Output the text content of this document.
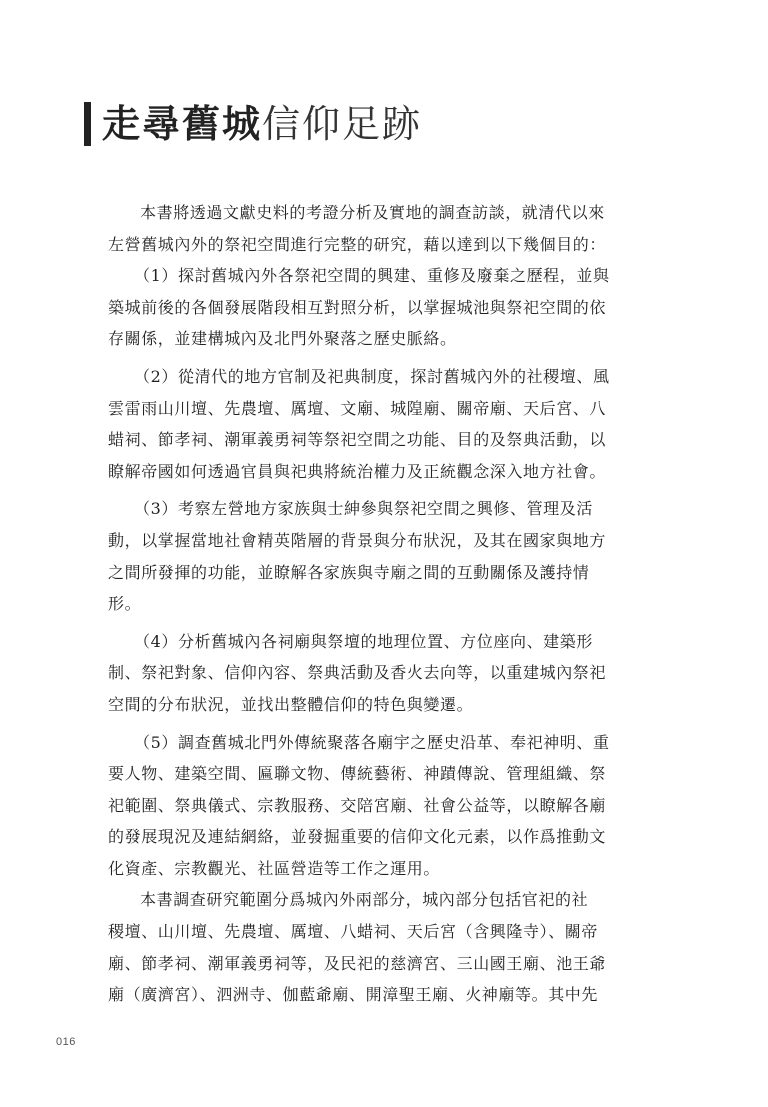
走尋舊城信仰足跡
本書將透過文獻史料的考證分析及實地的調查訪談，就清代以來
左營舊城內外的祭祀空間進行完整的研究，藉以達到以下幾個目的：
（1）探討舊城內外各祭祀空間的興建、重修及廢棄之歷程，並與
築城前後的各個發展階段相互對照分析，以掌握城池與祭祀空間的依
存關係，並建構城內及北門外聚落之歷史脈絡。
（2）從清代的地方官制及祀典制度，探討舊城內外的社稷壇、風
雲雷雨山川壇、先農壇、厲壇、文廟、城隍廟、關帝廟、天后宮、八
蜡祠、節孝祠、潮軍義勇祠等祭祀空間之功能、目的及祭典活動，以
瞭解帝國如何透過官員與祀典將統治權力及正統觀念深入地方社會。
（3）考察左營地方家族與士紳參與祭祀空間之興修、管理及活
動，以掌握當地社會精英階層的背景與分布狀況，及其在國家與地方
之間所發揮的功能，並瞭解各家族與寺廟之間的互動關係及護持情
形。
（4）分析舊城內各祠廟與祭壇的地理位置、方位座向、建築形
制、祭祀對象、信仰內容、祭典活動及香火去向等，以重建城內祭祀
空間的分布狀況，並找出整體信仰的特色與變遷。
（5）調查舊城北門外傳統聚落各廟宇之歷史沿革、奉祀神明、重
要人物、建築空間、匾聯文物、傳統藝術、神蹟傳說、管理組織、祭
祀範圍、祭典儀式、宗教服務、交陪宮廟、社會公益等，以瞭解各廟
的發展現況及連結網絡，並發掘重要的信仰文化元素，以作爲推動文
化資產、宗教觀光、社區營造等工作之運用。
本書調查研究範圍分爲城內外兩部分，城內部分包括官祀的社
稷壇、山川壇、先農壇、厲壇、八蜡祠、天后宮（含興隆寺）、關帝
廟、節孝祠、潮軍義勇祠等，及民祀的慈濟宮、三山國王廟、池王爺
廟（廣濟宮）、泗洲寺、伽藍爺廟、開漳聖王廟、火神廟等。其中先
016
